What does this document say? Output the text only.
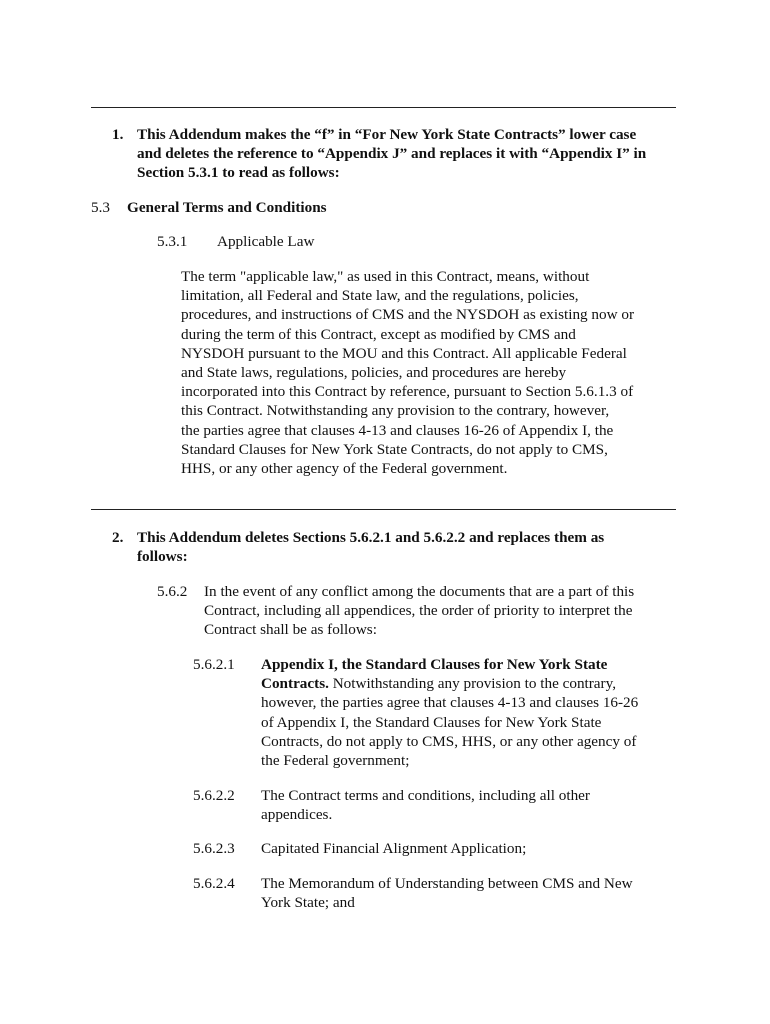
1. This Addendum makes the “f” in “For New York State Contracts” lower case
and deletes the reference to “Appendix J” and replaces it with “Appendix I” in
Section 5.3.1 to read as follows:
5.3 General Terms and Conditions
5.3.1 Applicable Law
The term "applicable law," as used in this Contract, means, without
limitation, all Federal and State law, and the regulations, policies,
procedures, and instructions of CMS and the NYSDOH as existing now or
during the term of this Contract, except as modified by CMS and
NYSDOH pursuant to the MOU and this Contract. All applicable Federal
and State laws, regulations, policies, and procedures are hereby
incorporated into this Contract by reference, pursuant to Section 5.6.1.3 of
this Contract. Notwithstanding any provision to the contrary, however,
the parties agree that clauses 4-13 and clauses 16-26 of Appendix I, the
Standard Clauses for New York State Contracts, do not apply to CMS,
HHS, or any other agency of the Federal government.
2. This Addendum deletes Sections 5.6.2.1 and 5.6.2.2 and replaces them as
follows:
5.6.2 In the event of any conflict among the documents that are a part of this
Contract, including all appendices, the order of priority to interpret the
Contract shall be as follows:
5.6.2.1 Appendix I, the Standard Clauses for New York State
Contracts. Notwithstanding any provision to the contrary,
however, the parties agree that clauses 4-13 and clauses 16-26
of Appendix I, the Standard Clauses for New York State
Contracts, do not apply to CMS, HHS, or any other agency of
the Federal government;
5.6.2.2 The Contract terms and conditions, including all other
appendices.
5.6.2.3 Capitated Financial Alignment Application;
5.6.2.4 The Memorandum of Understanding between CMS and New
York State; and
